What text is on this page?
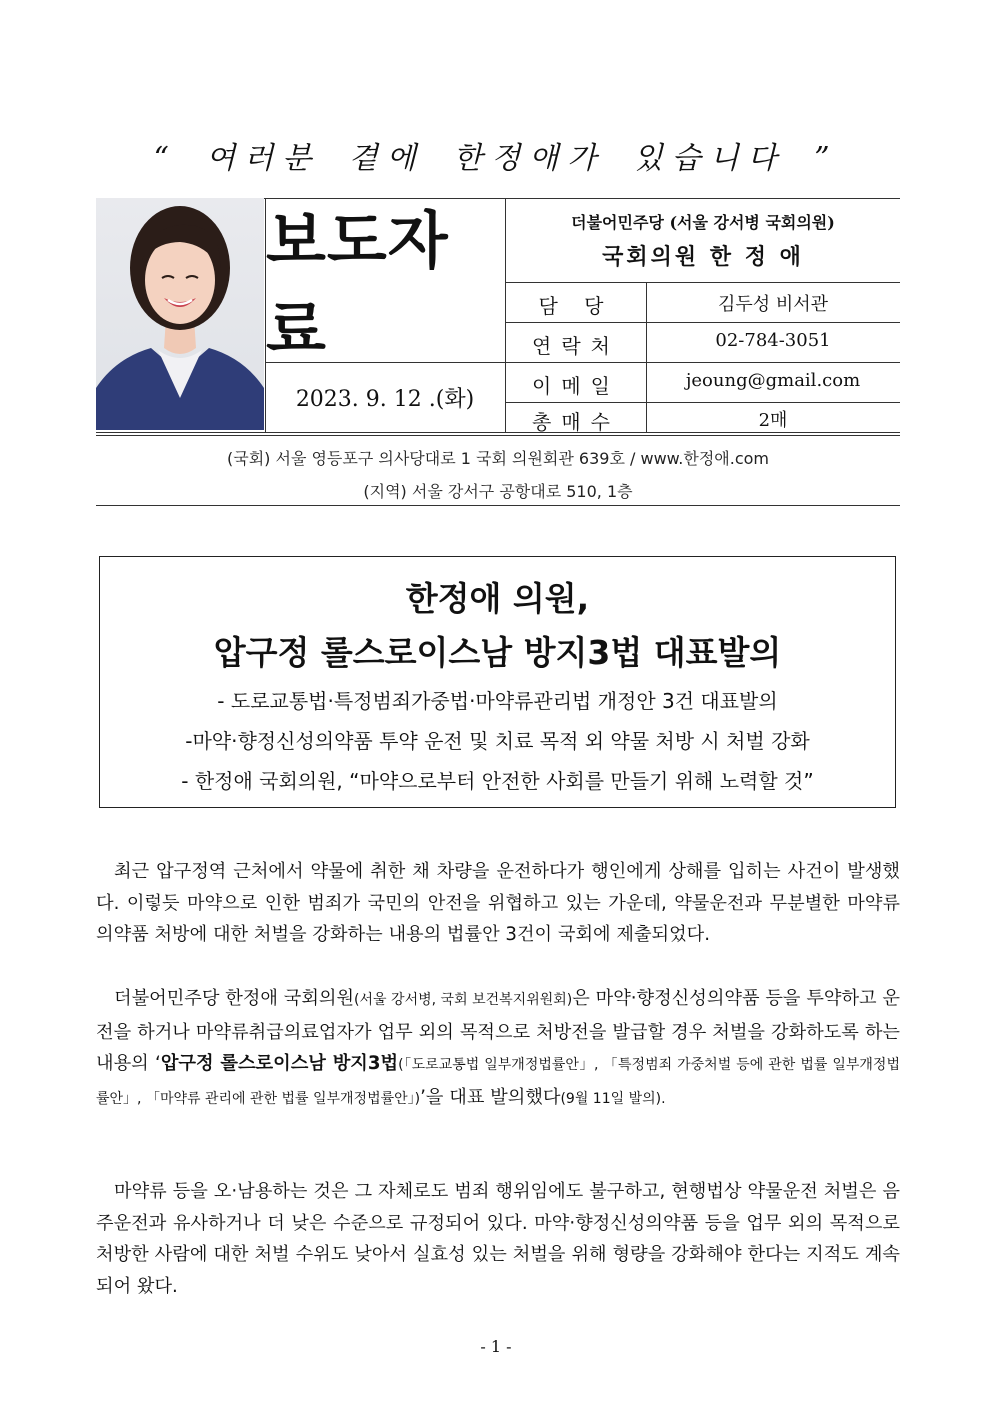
“ 여러분 곁에 한정애가 있습니다 ”
보도자료
2023. 9. 12 .(화)
더불어민주당 (서울 강서병 국회의원)
국회의원 한 정 애
담 당	김두성 비서관
연락처	02-784-3051
이메일	jeoung@gmail.com
총매수	2매
(국회) 서울 영등포구 의사당대로 1 국회 의원회관 639호 / www.한정애.com
(지역) 서울 강서구 공항대로 510, 1층
한정애 의원,
압구정 롤스로이스남 방지3법 대표발의
- 도로교통법·특정범죄가중법·마약류관리법 개정안 3건 대표발의
-마약·향정신성의약품 투약 운전 및 치료 목적 외 약물 처방 시 처벌 강화
- 한정애 국회의원, “마약으로부터 안전한 사회를 만들기 위해 노력할 것”
최근 압구정역 근처에서 약물에 취한 채 차량을 운전하다가 행인에게 상해를 입히는 사건이 발생했다. 이렇듯 마약으로 인한 범죄가 국민의 안전을 위협하고 있는 가운데, 약물운전과 무분별한 마약류 의약품 처방에 대한 처벌을 강화하는 내용의 법률안 3건이 국회에 제출되었다.
더불어민주당 한정애 국회의원(서울 강서병, 국회 보건복지위원회)은 마약·향정신성의약품 등을 투약하고 운전을 하거나 마약류취급의료업자가 업무 외의 목적으로 처방전을 발급할 경우 처벌을 강화하도록 하는 내용의 ‘압구정 롤스로이스남 방지3법(「도로교통법 일부개정법률안」, 「특정범죄 가중처벌 등에 관한 법률 일부개정법률안」, 「마약류 관리에 관한 법률 일부개정법률안」)’을 대표 발의했다(9월 11일 발의).
마약류 등을 오·남용하는 것은 그 자체로도 범죄 행위임에도 불구하고, 현행법상 약물운전 처벌은 음주운전과 유사하거나 더 낮은 수준으로 규정되어 있다. 마약·향정신성의약품 등을 업무 외의 목적으로 처방한 사람에 대한 처벌 수위도 낮아서 실효성 있는 처벌을 위해 형량을 강화해야 한다는 지적도 계속되어 왔다.
- 1 -
